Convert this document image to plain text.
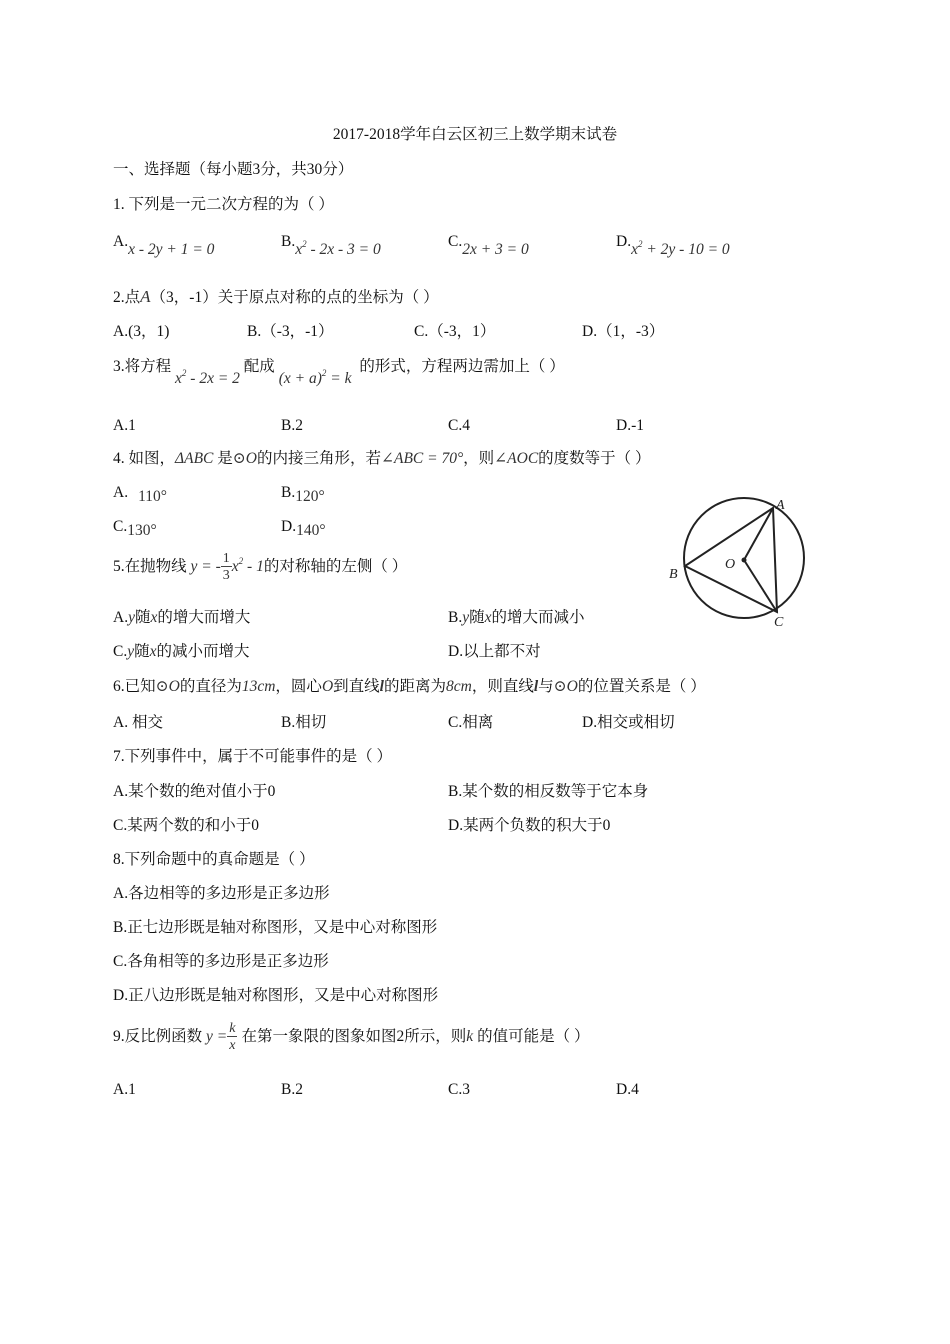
2017-2018学年白云区初三上数学期末试卷
一、选择题（每小题3分，共30分）
1. 下列是一元二次方程的为（ ）
A.x - 2y + 1 = 0	$B.x^2 - 2x - 3 = 0$	C.2x + 3 = 0	$D.x^2 + 2y - 10 = 0$
2.点A（3，-1）关于原点对称的点的坐标为（ ）
A.(3，1)	B.（-3，-1）	C.（-3，1）	D.（1，-3）
3.将方程 $x^2 - 2x = 2$ 配成 $(x + a)^2 = k$ 的形式，方程两边需加上（ ）
A.1	B.2	C.4	D.-1
4. 如图，ΔABC 是⊙O的内接三角形，若∠ABC = 70°，则∠AOC的度数等于（ ）
A. 110°	B.120°
C.130°	D.140°
A
B
C
O
5.在抛物线 y = - $\frac{1}{3} x^2 - 1$的对称轴的左侧（ ）
A.y随x的增大而增大	B.y随x的增大而减小
C.y随x的减小而增大	D.以上都不对
6.已知⊙O的直径为13cm，圆心O到直线l的距离为8cm，则直线l与⊙O的位置关系是（ ）
A. 相交	B.相切	C.相离	D.相交或相切
7.下列事件中，属于不可能事件的是（ ）
A.某个数的绝对值小于0	B.某个数的相反数等于它本身
C.某两个数的和小于0	D.某两个负数的积大于0
8.下列命题中的真命题是（ ）
A.各边相等的多边形是正多边形
B.正七边形既是轴对称图形，又是中心对称图形
C.各角相等的多边形是正多边形
D.正八边形既是轴对称图形，又是中心对称图形
9.反比例函数 $y = \frac{k}{x}$ 在第一象限的图象如图2所示，则k 的值可能是（ ）
A.1	B.2	C.3	D.4
